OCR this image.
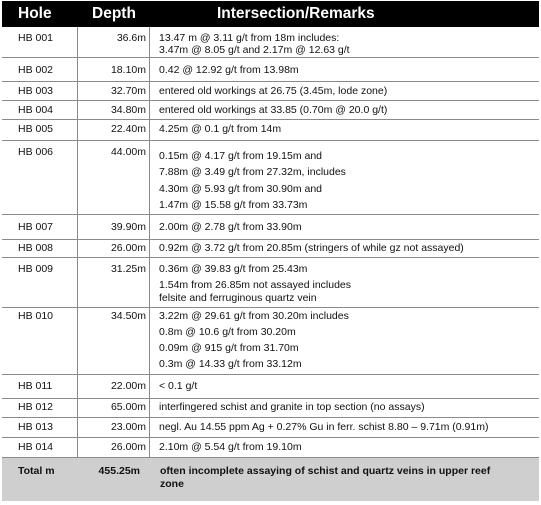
Hole	Depth	Intersection/Remarks
HB 001	36.6m 13.47 m @ 3.11 g/t from 18m includes:
3.47m @ 8.05 g/t and 2.17m @ 12.63 g/t
HB 002	18.10m 0.42 @ 12.92 g/t from 13.98m
HB 003	32.70m entered old workings at 26.75 (3.45m, lode zone)
HB 004	34.80m entered old workings at 33.85 (0.70m @ 20.0 g/t)
HB 005	22.40m 4.25m @ 0.1 g/t from 14m
HB 006	44.00m 0.15m @ 4.17 g/t from 19.15m and
7.88m @ 3.49 g/t from 27.32m, includes
4.30m @ 5.93 g/t from 30.90m and
1.47m @ 15.58 g/t from 33.73m
HB 007	39.90m 2.00m @ 2.78 g/t from 33.90m
HB 008	26.00m 0.92m @ 3.72 g/t from 20.85m (stringers of while gz not assayed)
HB 009	31.25m 0.36m @ 39.83 g/t from 25.43m
1.54m from 26.85m not assayed includes
felsite and ferruginous quartz vein
HB 010	34.50m 3.22m @ 29.61 g/t from 30.20m includes
0.8m @ 10.6 g/t from 30.20m
0.09m @ 915 g/t from 31.70m
0.3m @ 14.33 g/t from 33.12m
HB 011	22.00m < 0.1 g/t
HB 012	65.00m interfingered schist and granite in top section (no assays)
HB 013	23.00m negl. Au 14.55 ppm Ag + 0.27% Gu in ferr. schist 8.80 – 9.71m (0.91m)
HB 014	26.00m 2.10m @ 5.54 g/t from 19.10m
Total m	455.25m often incomplete assaying of schist and quartz veins in upper reef
zone
